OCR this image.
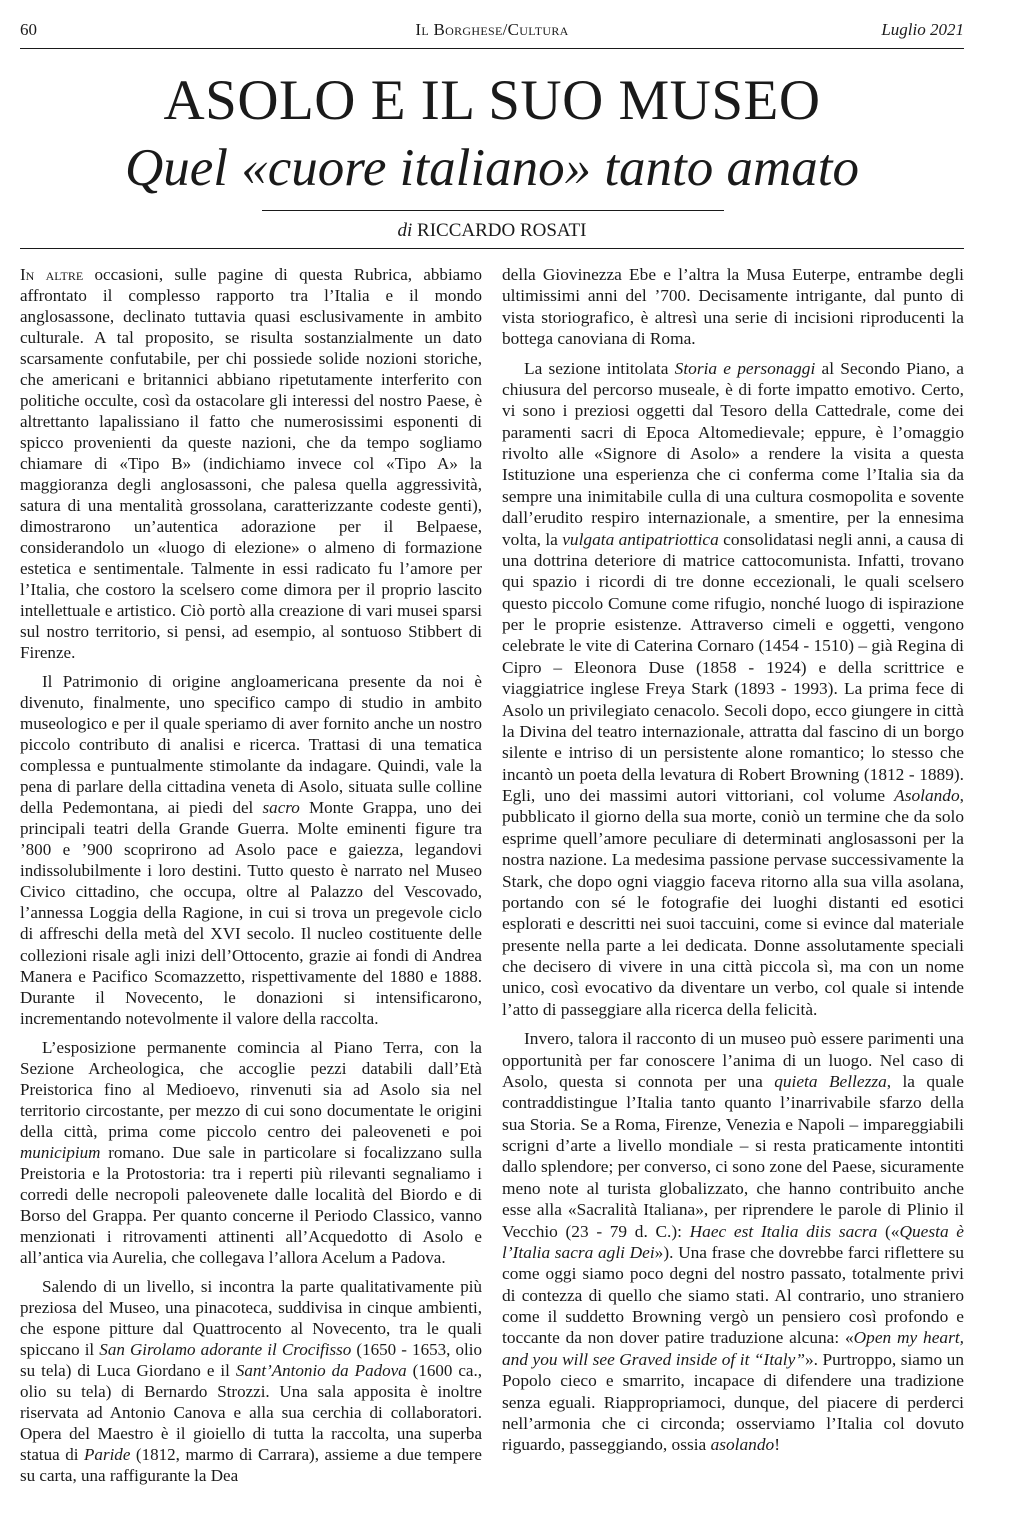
60	Il Borghese/Cultura	Luglio 2021
ASOLO E IL SUO MUSEO
Quel «cuore italiano» tanto amato
di RICCARDO ROSATI

In altre occasioni, sulle pagine di questa Rubrica, abbiamo affrontato il complesso rapporto tra l’Italia e il mondo anglosassone, declinato tuttavia quasi esclusivamente in ambito culturale. A tal proposito, se risulta sostanzialmente un dato scarsamente confutabile, per chi possiede solide nozioni storiche, che americani e britannici abbiano ripetutamente interferito con politiche occulte, così da ostacolare gli interessi del nostro Paese, è altrettanto lapalissiano il fatto che numerosissimi esponenti di spicco provenienti da queste nazioni, che da tempo sogliamo chiamare di «Tipo B» (indichiamo invece col «Tipo A» la maggioranza degli anglosassoni, che palesa quella aggressività, satura di una mentalità grossolana, caratterizzante codeste genti), dimostrarono un’autentica adorazione per il Belpaese, considerandolo un «luogo di elezione» o almeno di formazione estetica e sentimentale. Talmente in essi radicato fu l’amore per l’Italia, che costoro la scelsero come dimora per il proprio lascito intellettuale e artistico. Ciò portò alla creazione di vari musei sparsi sul nostro territorio, si pensi, ad esempio, al sontuoso Stibbert di Firenze.

Il Patrimonio di origine angloamericana presente da noi è divenuto, finalmente, uno specifico campo di studio in ambito museologico e per il quale speriamo di aver fornito anche un nostro piccolo contributo di analisi e ricerca. Trattasi di una tematica complessa e puntualmente stimolante da indagare. Quindi, vale la pena di parlare della cittadina veneta di Asolo, situata sulle colline della Pedemontana, ai piedi del sacro Monte Grappa, uno dei principali teatri della Grande Guerra. Molte eminenti figure tra ’800 e ’900 scoprirono ad Asolo pace e gaiezza, legandovi indissolubilmente i loro destini. Tutto questo è narrato nel Museo Civico cittadino, che occupa, oltre al Palazzo del Vescovado, l’annessa Loggia della Ragione, in cui si trova un pregevole ciclo di affreschi della metà del XVI secolo. Il nucleo costituente delle collezioni risale agli inizi dell’Ottocento, grazie ai fondi di Andrea Manera e Pacifico Scomazzetto, rispettivamente del 1880 e 1888. Durante il Novecento, le donazioni si intensificarono, incrementando notevolmente il valore della raccolta.

L’esposizione permanente comincia al Piano Terra, con la Sezione Archeologica, che accoglie pezzi databili dall’Età Preistorica fino al Medioevo, rinvenuti sia ad Asolo sia nel territorio circostante, per mezzo di cui sono documentate le origini della città, prima come piccolo centro dei paleoveneti e poi municipium romano. Due sale in particolare si focalizzano sulla Preistoria e la Protostoria: tra i reperti più rilevanti segnaliamo i corredi delle necropoli paleovenete dalle località del Biordo e di Borso del Grappa. Per quanto concerne il Periodo Classico, vanno menzionati i ritrovamenti attinenti all’Acquedotto di Asolo e all’antica via Aurelia, che collegava l’allora Acelum a Padova.

Salendo di un livello, si incontra la parte qualitativamente più preziosa del Museo, una pinacoteca, suddivisa in cinque ambienti, che espone pitture dal Quattrocento al Novecento, tra le quali spiccano il San Girolamo adorante il Crocifisso (1650 - 1653, olio su tela) di Luca Giordano e il Sant’Antonio da Padova (1600 ca., olio su tela) di Bernardo Strozzi. Una sala apposita è inoltre riservata ad Antonio Canova e alla sua cerchia di collaboratori. Opera del Maestro è il gioiello di tutta la raccolta, una superba statua di Paride (1812, marmo di Carrara), assieme a due tempere su carta, una raffigurante la Dea

della Giovinezza Ebe e l’altra la Musa Euterpe, entrambe degli ultimissimi anni del ’700. Decisamente intrigante, dal punto di vista storiografico, è altresì una serie di incisioni riproducenti la bottega canoviana di Roma.

La sezione intitolata Storia e personaggi al Secondo Piano, a chiusura del percorso museale, è di forte impatto emotivo. Certo, vi sono i preziosi oggetti dal Tesoro della Cattedrale, come dei paramenti sacri di Epoca Altomedievale; eppure, è l’omaggio rivolto alle «Signore di Asolo» a rendere la visita a questa Istituzione una esperienza che ci conferma come l’Italia sia da sempre una inimitabile culla di una cultura cosmopolita e sovente dall’erudito respiro internazionale, a smentire, per la ennesima volta, la vulgata antipatriottica consolidatasi negli anni, a causa di una dottrina deteriore di matrice cattocomunista. Infatti, trovano qui spazio i ricordi di tre donne eccezionali, le quali scelsero questo piccolo Comune come rifugio, nonché luogo di ispirazione per le proprie esistenze. Attraverso cimeli e oggetti, vengono celebrate le vite di Caterina Cornaro (1454 - 1510) – già Regina di Cipro – Eleonora Duse (1858 - 1924) e della scrittrice e viaggiatrice inglese Freya Stark (1893 - 1993). La prima fece di Asolo un privilegiato cenacolo. Secoli dopo, ecco giungere in città la Divina del teatro internazionale, attratta dal fascino di un borgo silente e intriso di un persistente alone romantico; lo stesso che incantò un poeta della levatura di Robert Browning (1812 - 1889). Egli, uno dei massimi autori vittoriani, col volume Asolando, pubblicato il giorno della sua morte, coniò un termine che da solo esprime quell’amore peculiare di determinati anglosassoni per la nostra nazione. La medesima passione pervase successivamente la Stark, che dopo ogni viaggio faceva ritorno alla sua villa asolana, portando con sé le fotografie dei luoghi distanti ed esotici esplorati e descritti nei suoi taccuini, come si evince dal materiale presente nella parte a lei dedicata. Donne assolutamente speciali che decisero di vivere in una città piccola sì, ma con un nome unico, così evocativo da diventare un verbo, col quale si intende l’atto di passeggiare alla ricerca della felicità.

Invero, talora il racconto di un museo può essere parimenti una opportunità per far conoscere l’anima di un luogo. Nel caso di Asolo, questa si connota per una quieta Bellezza, la quale contraddistingue l’Italia tanto quanto l’inarrivabile sfarzo della sua Storia. Se a Roma, Firenze, Venezia e Napoli – impareggiabili scrigni d’arte a livello mondiale – si resta praticamente intontiti dallo splendore; per converso, ci sono zone del Paese, sicuramente meno note al turista globalizzato, che hanno contribuito anche esse alla «Sacralità Italiana», per riprendere le parole di Plinio il Vecchio (23 - 79 d. C.): Haec est Italia diis sacra («Questa è l’Italia sacra agli Dei»). Una frase che dovrebbe farci riflettere su come oggi siamo poco degni del nostro passato, totalmente privi di contezza di quello che siamo stati. Al contrario, uno straniero come il suddetto Browning vergò un pensiero così profondo e toccante da non dover patire traduzione alcuna: «Open my heart, and you will see Graved inside of it “Italy”». Purtroppo, siamo un Popolo cieco e smarrito, incapace di difendere una tradizione senza eguali. Riappropriamoci, dunque, del piacere di perderci nell’armonia che ci circonda; osserviamo l’Italia col dovuto riguardo, passeggiando, ossia asolando!
